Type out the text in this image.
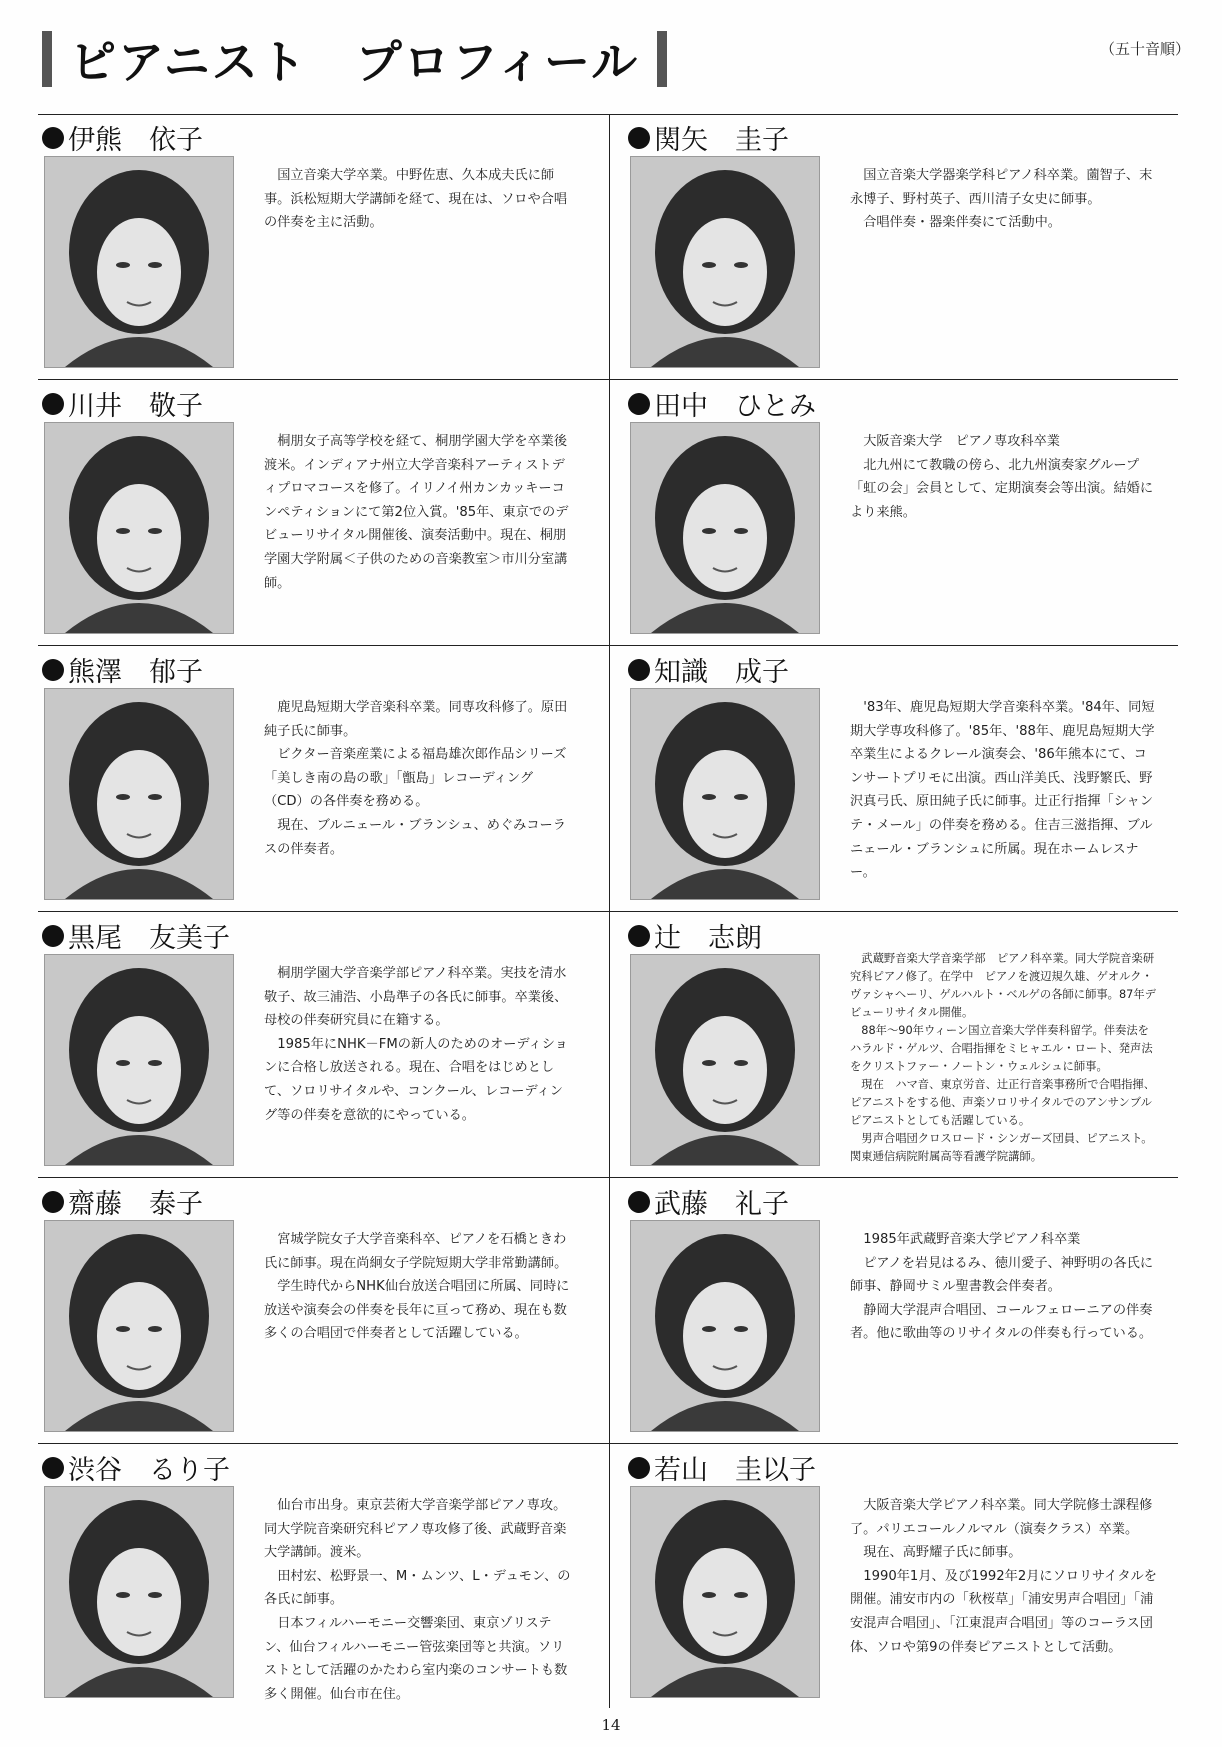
ピアニスト　プロフィール	（五十音順）
伊熊　依子

国立音楽大学卒業。中野佐恵、久本成夫氏に師事。浜松短期大学講師を経て、現在は、ソロや合唱の伴奏を主に活動。

関矢　圭子

国立音楽大学器楽学科ピアノ科卒業。薗智子、末永博子、野村英子、西川清子女史に師事。

合唱伴奏・器楽伴奏にて活動中。

川井　敬子

桐朋女子高等学校を経て、桐朋学園大学を卒業後渡米。インディアナ州立大学音楽科アーティストディプロマコースを修了。イリノイ州カンカッキーコンペティションにて第2位入賞。'85年、東京でのデビューリサイタル開催後、演奏活動中。現在、桐朋学園大学附属＜子供のための音楽教室＞市川分室講師。

田中　ひとみ

大阪音楽大学　ピアノ専攻科卒業

北九州にて教職の傍ら、北九州演奏家グループ「虹の会」会員として、定期演奏会等出演。結婚により来熊。

熊澤　郁子

鹿児島短期大学音楽科卒業。同専攻科修了。原田純子氏に師事。

ビクター音楽産業による福島雄次郎作品シリーズ「美しき南の島の歌」「甑島」レコーディング（CD）の各伴奏を務める。

現在、ブルニェール・ブランシュ、めぐみコーラスの伴奏者。

知識　成子

'83年、鹿児島短期大学音楽科卒業。'84年、同短期大学専攻科修了。'85年、'88年、鹿児島短期大学卒業生によるクレール演奏会、'86年熊本にて、コンサートプリモに出演。西山洋美氏、浅野繁氏、野沢真弓氏、原田純子氏に師事。辻正行指揮「シャンテ・メール」の伴奏を務める。住吉三滋指揮、ブルニェール・ブランシュに所属。現在ホームレスナー。

黒尾　友美子

桐朋学園大学音楽学部ピアノ科卒業。実技を清水敬子、故三浦浩、小島準子の各氏に師事。卒業後、母校の伴奏研究員に在籍する。

1985年にNHK－FMの新人のためのオーディションに合格し放送される。現在、合唱をはじめとして、ソロリサイタルや、コンクール、レコーディング等の伴奏を意欲的にやっている。

辻　志朗

武蔵野音楽大学音楽学部　ピアノ科卒業。同大学院音楽研究科ピアノ修了。在学中　ピアノを渡辺規久雄、ゲオルク・ヴァシャヘーリ、ゲルハルト・ベルゲの各師に師事。87年デビューリサイタル開催。

88年〜90年ウィーン国立音楽大学伴奏科留学。伴奏法をハラルド・ゲルツ、合唱指揮をミヒャエル・ロート、発声法をクリストファー・ノートン・ウェルシュに師事。

現在　ハマ音、東京労音、辻正行音楽事務所で合唱指揮、ピアニストをする他、声楽ソロリサイタルでのアンサンブルピアニストとしても活躍している。

男声合唱団クロスロード・シンガーズ団員、ピアニスト。関東逓信病院附属高等看護学院講師。

齋藤　泰子

宮城学院女子大学音楽科卒、ピアノを石橋ときわ氏に師事。現在尚絅女子学院短期大学非常勤講師。

学生時代からNHK仙台放送合唱団に所属、同時に放送や演奏会の伴奏を長年に亘って務め、現在も数多くの合唱団で伴奏者として活躍している。

武藤　礼子

1985年武蔵野音楽大学ピアノ科卒業

ピアノを岩見はるみ、徳川愛子、神野明の各氏に師事、静岡サミル聖書教会伴奏者。

静岡大学混声合唱団、コールフェローニアの伴奏者。他に歌曲等のリサイタルの伴奏も行っている。

渋谷　るり子

仙台市出身。東京芸術大学音楽学部ピアノ専攻。同大学院音楽研究科ピアノ専攻修了後、武蔵野音楽大学講師。渡米。

田村宏、松野景一、M・ムンツ、L・デュモン、の各氏に師事。

日本フィルハーモニー交響楽団、東京ゾリステン、仙台フィルハーモニー管弦楽団等と共演。ソリストとして活躍のかたわら室内楽のコンサートも数多く開催。仙台市在住。

若山　圭以子

大阪音楽大学ピアノ科卒業。同大学院修士課程修了。パリエコールノルマル（演奏クラス）卒業。

現在、高野耀子氏に師事。

1990年1月、及び1992年2月にソロリサイタルを開催。浦安市内の「秋桜草」「浦安男声合唱団」「浦安混声合唱団」、「江東混声合唱団」等のコーラス団体、ソロや第9の伴奏ピアニストとして活動。

14
